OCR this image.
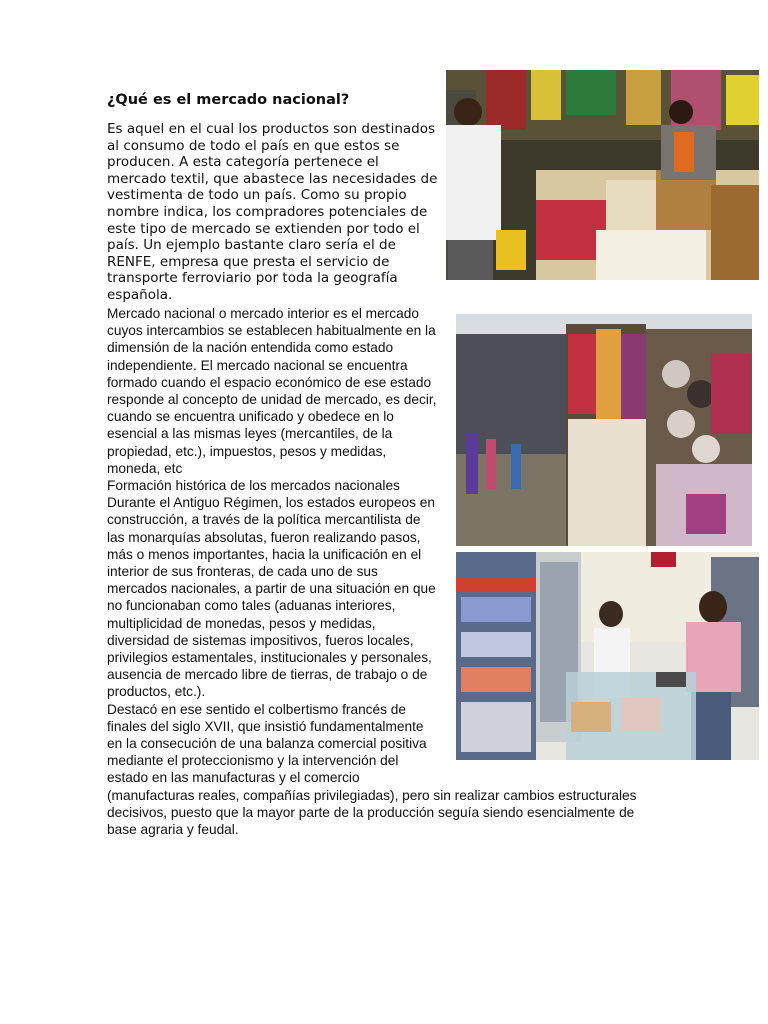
¿Qué es el mercado nacional?

Es aquel en el cual los productos son destinados al consumo de todo el país en que estos se producen. A esta categoría pertenece el mercado textil, que abastece las necesidades de vestimenta de todo un país. Como su propio nombre indica, los compradores potenciales de este tipo de mercado se extienden por todo el país. Un ejemplo bastante claro sería el de RENFE, empresa que presta el servicio de transporte ferroviario por toda la geografía española.

Mercado nacional o mercado interior es el mercado cuyos intercambios se establecen habitualmente en la dimensión de la nación entendida como estado independiente. El mercado nacional se encuentra formado cuando el espacio económico de ese estado responde al concepto de unidad de mercado, es decir, cuando se encuentra unificado y obedece en lo esencial a las mismas leyes (mercantiles, de la propiedad, etc.), impuestos, pesos y medidas, moneda, etc

Formación histórica de los mercados nacionales

Durante el Antiguo Régimen, los estados europeos en construcción, a través de la política mercantilista de las monarquías absolutas, fueron realizando pasos, más o menos importantes, hacia la unificación en el interior de sus fronteras, de cada uno de sus mercados nacionales, a partir de una situación en que no funcionaban como tales (aduanas interiores, multiplicidad de monedas, pesos y medidas, diversidad de sistemas impositivos, fueros locales, privilegios estamentales, institucionales y personales, ausencia de mercado libre de tierras, de trabajo o de productos, etc.).

Destacó en ese sentido el colbertismo francés de finales del siglo XVII, que insistió fundamentalmente en la consecución de una balanza comercial positiva mediante el proteccionismo y la intervención del estado en las manufacturas y el comercio (manufacturas reales, compañías privilegiadas), pero sin realizar cambios estructurales decisivos, puesto que la mayor parte de la producción seguía siendo esencialmente de base agraria y feudal.
